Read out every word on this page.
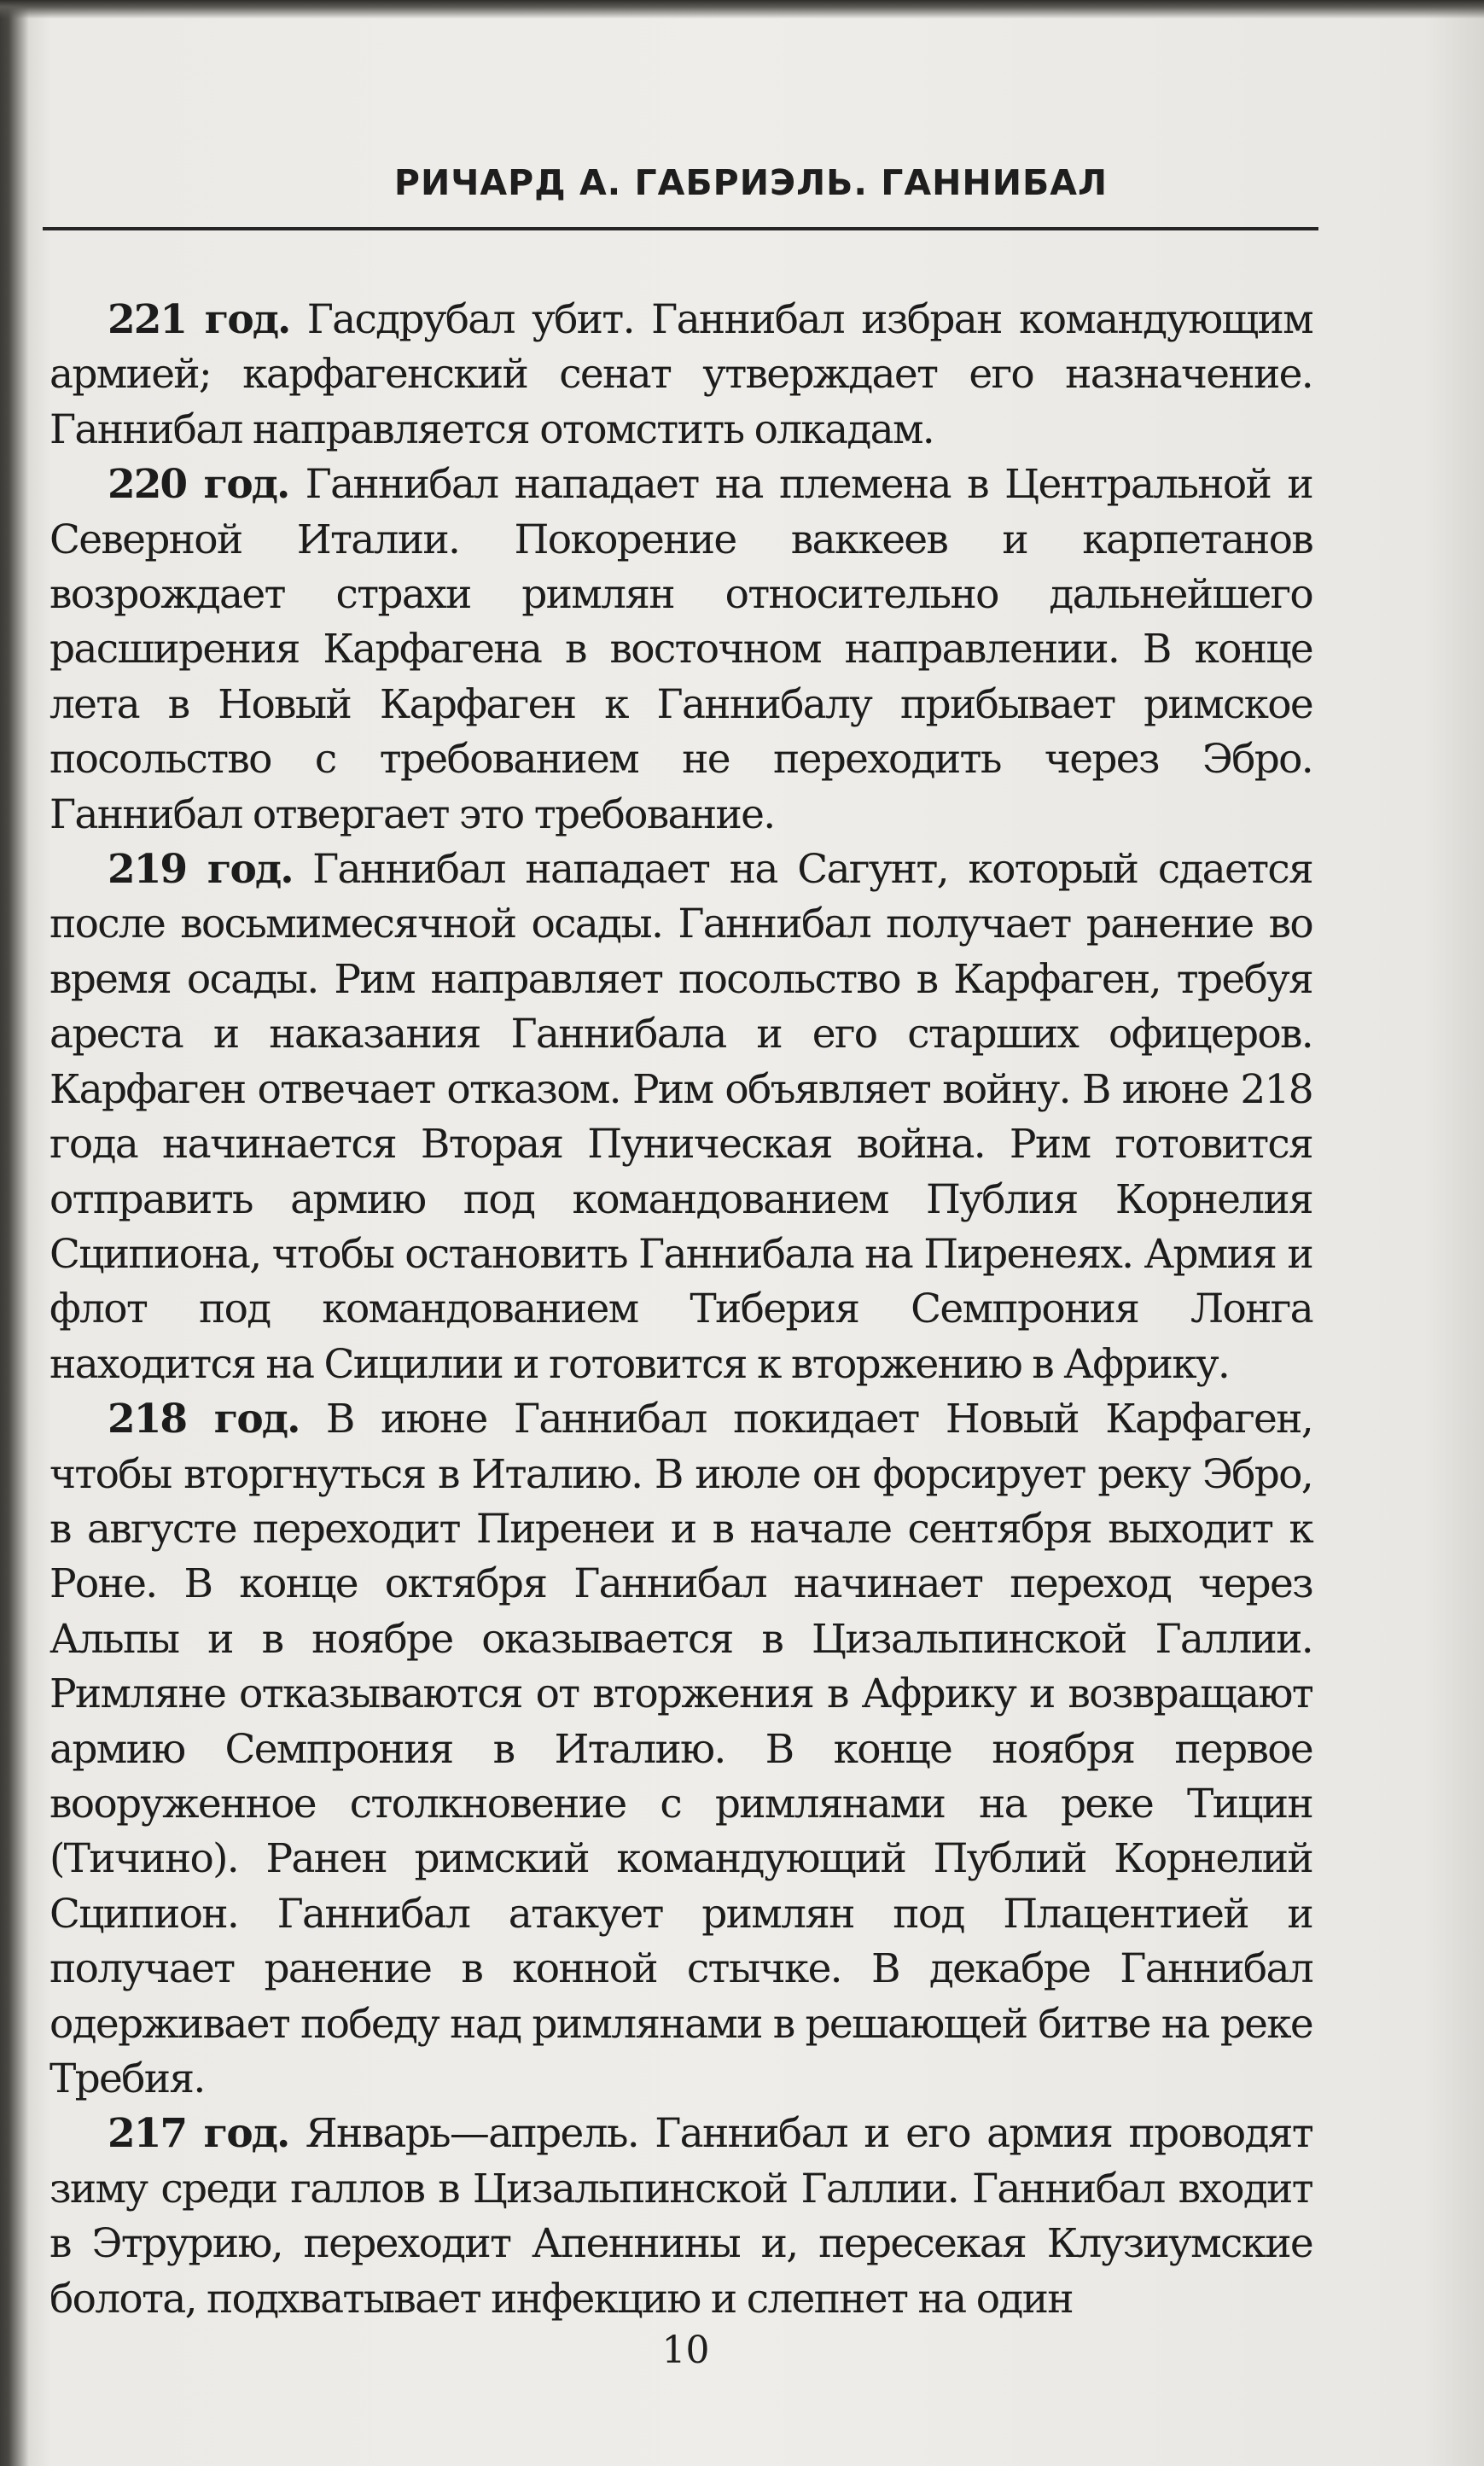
РИЧАРД А. ГАБРИЭЛЬ. ГАННИБАЛ

221 год. Гасдрубал убит. Ганнибал избран командующим армией; карфагенский сенат утверждает его назначение. Ганнибал направляется отомстить олкадам.

220 год. Ганнибал нападает на племена в Центральной и Северной Италии. Покорение ваккеев и карпетанов возрождает страхи римлян относительно дальнейшего расширения Карфагена в восточном направлении. В конце лета в Новый Карфаген к Ганнибалу прибывает римское посольство с требованием не переходить через Эбро. Ганнибал отвергает это требование.

219 год. Ганнибал нападает на Сагунт, который сдается после восьмимесячной осады. Ганнибал получает ранение во время осады. Рим направляет посольство в Карфаген, требуя ареста и наказания Ганнибала и его старших офицеров. Карфаген отвечает отказом. Рим объявляет войну. В июне 218 года начинается Вторая Пуническая война. Рим готовится отправить армию под командованием Публия Корнелия Сципиона, чтобы остановить Ганнибала на Пиренеях. Армия и флот под командованием Тиберия Семпрония Лонга находится на Сицилии и готовится к вторжению в Африку.

218 год. В июне Ганнибал покидает Новый Карфаген, чтобы вторгнуться в Италию. В июле он форсирует реку Эбро, в августе переходит Пиренеи и в начале сентября выходит к Роне. В конце октября Ганнибал начинает переход через Альпы и в ноябре оказывается в Цизальпинской Галлии. Римляне отказываются от вторжения в Африку и возвращают армию Семпрония в Италию. В конце ноября первое вооруженное столкновение с римлянами на реке Тицин (Тичино). Ранен римский командующий Публий Корнелий Сципион. Ганнибал атакует римлян под Плацентией и получает ранение в конной стычке. В декабре Ганнибал одерживает победу над римлянами в решающей битве на реке Требия.

217 год. Январь—апрель. Ганнибал и его армия проводят зиму среди галлов в Цизальпинской Галлии. Ганнибал входит в Этрурию, переходит Апеннины и, пересекая Клузиумские болота, подхватывает инфекцию и слепнет на один

10
